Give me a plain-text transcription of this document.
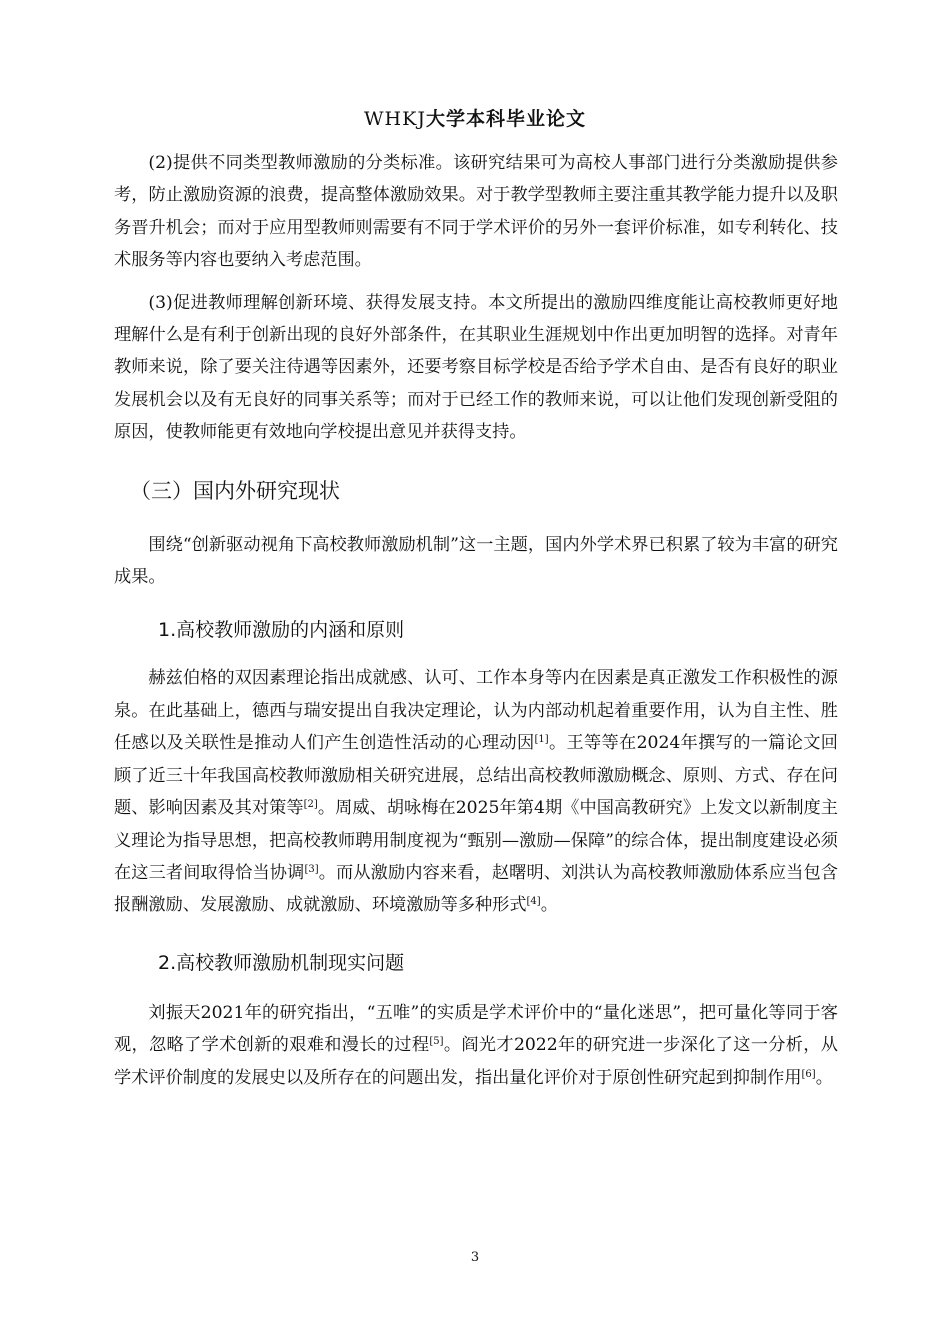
WHKJ大学本科毕业论文

(2)提供不同类型教师激励的分类标准。该研究结果可为高校人事部门进行分类激励提供参考，防止激励资源的浪费，提高整体激励效果。对于教学型教师主要注重其教学能力提升以及职务晋升机会；而对于应用型教师则需要有不同于学术评价的另外一套评价标准，如专利转化、技术服务等内容也要纳入考虑范围。

(3)促进教师理解创新环境、获得发展支持。本文所提出的激励四维度能让高校教师更好地理解什么是有利于创新出现的良好外部条件，在其职业生涯规划中作出更加明智的选择。对青年教师来说，除了要关注待遇等因素外，还要考察目标学校是否给予学术自由、是否有良好的职业发展机会以及有无良好的同事关系等；而对于已经工作的教师来说，可以让他们发现创新受阻的原因，使教师能更有效地向学校提出意见并获得支持。

（三）国内外研究现状

围绕“创新驱动视角下高校教师激励机制”这一主题，国内外学术界已积累了较为丰富的研究成果。

1.高校教师激励的内涵和原则

赫兹伯格的双因素理论指出成就感、认可、工作本身等内在因素是真正激发工作积极性的源泉。在此基础上，德西与瑞安提出自我决定理论，认为内部动机起着重要作用，认为自主性、胜任感以及关联性是推动人们产生创造性活动的心理动因[1]。王等等在2024年撰写的一篇论文回顾了近三十年我国高校教师激励相关研究进展，总结出高校教师激励概念、原则、方式、存在问题、影响因素及其对策等[2]。周威、胡咏梅在2025年第4期《中国高教研究》上发文以新制度主义理论为指导思想，把高校教师聘用制度视为“甄别—激励—保障”的综合体，提出制度建设必须在这三者间取得恰当协调[3]。而从激励内容来看，赵曙明、刘洪认为高校教师激励体系应当包含报酬激励、发展激励、成就激励、环境激励等多种形式[4]。

2.高校教师激励机制现实问题

刘振天2021年的研究指出，“五唯”的实质是学术评价中的“量化迷思”，把可量化等同于客观，忽略了学术创新的艰难和漫长的过程[5]。阎光才2022年的研究进一步深化了这一分析，从学术评价制度的发展史以及所存在的问题出发，指出量化评价对于原创性研究起到抑制作用[6]。

3
